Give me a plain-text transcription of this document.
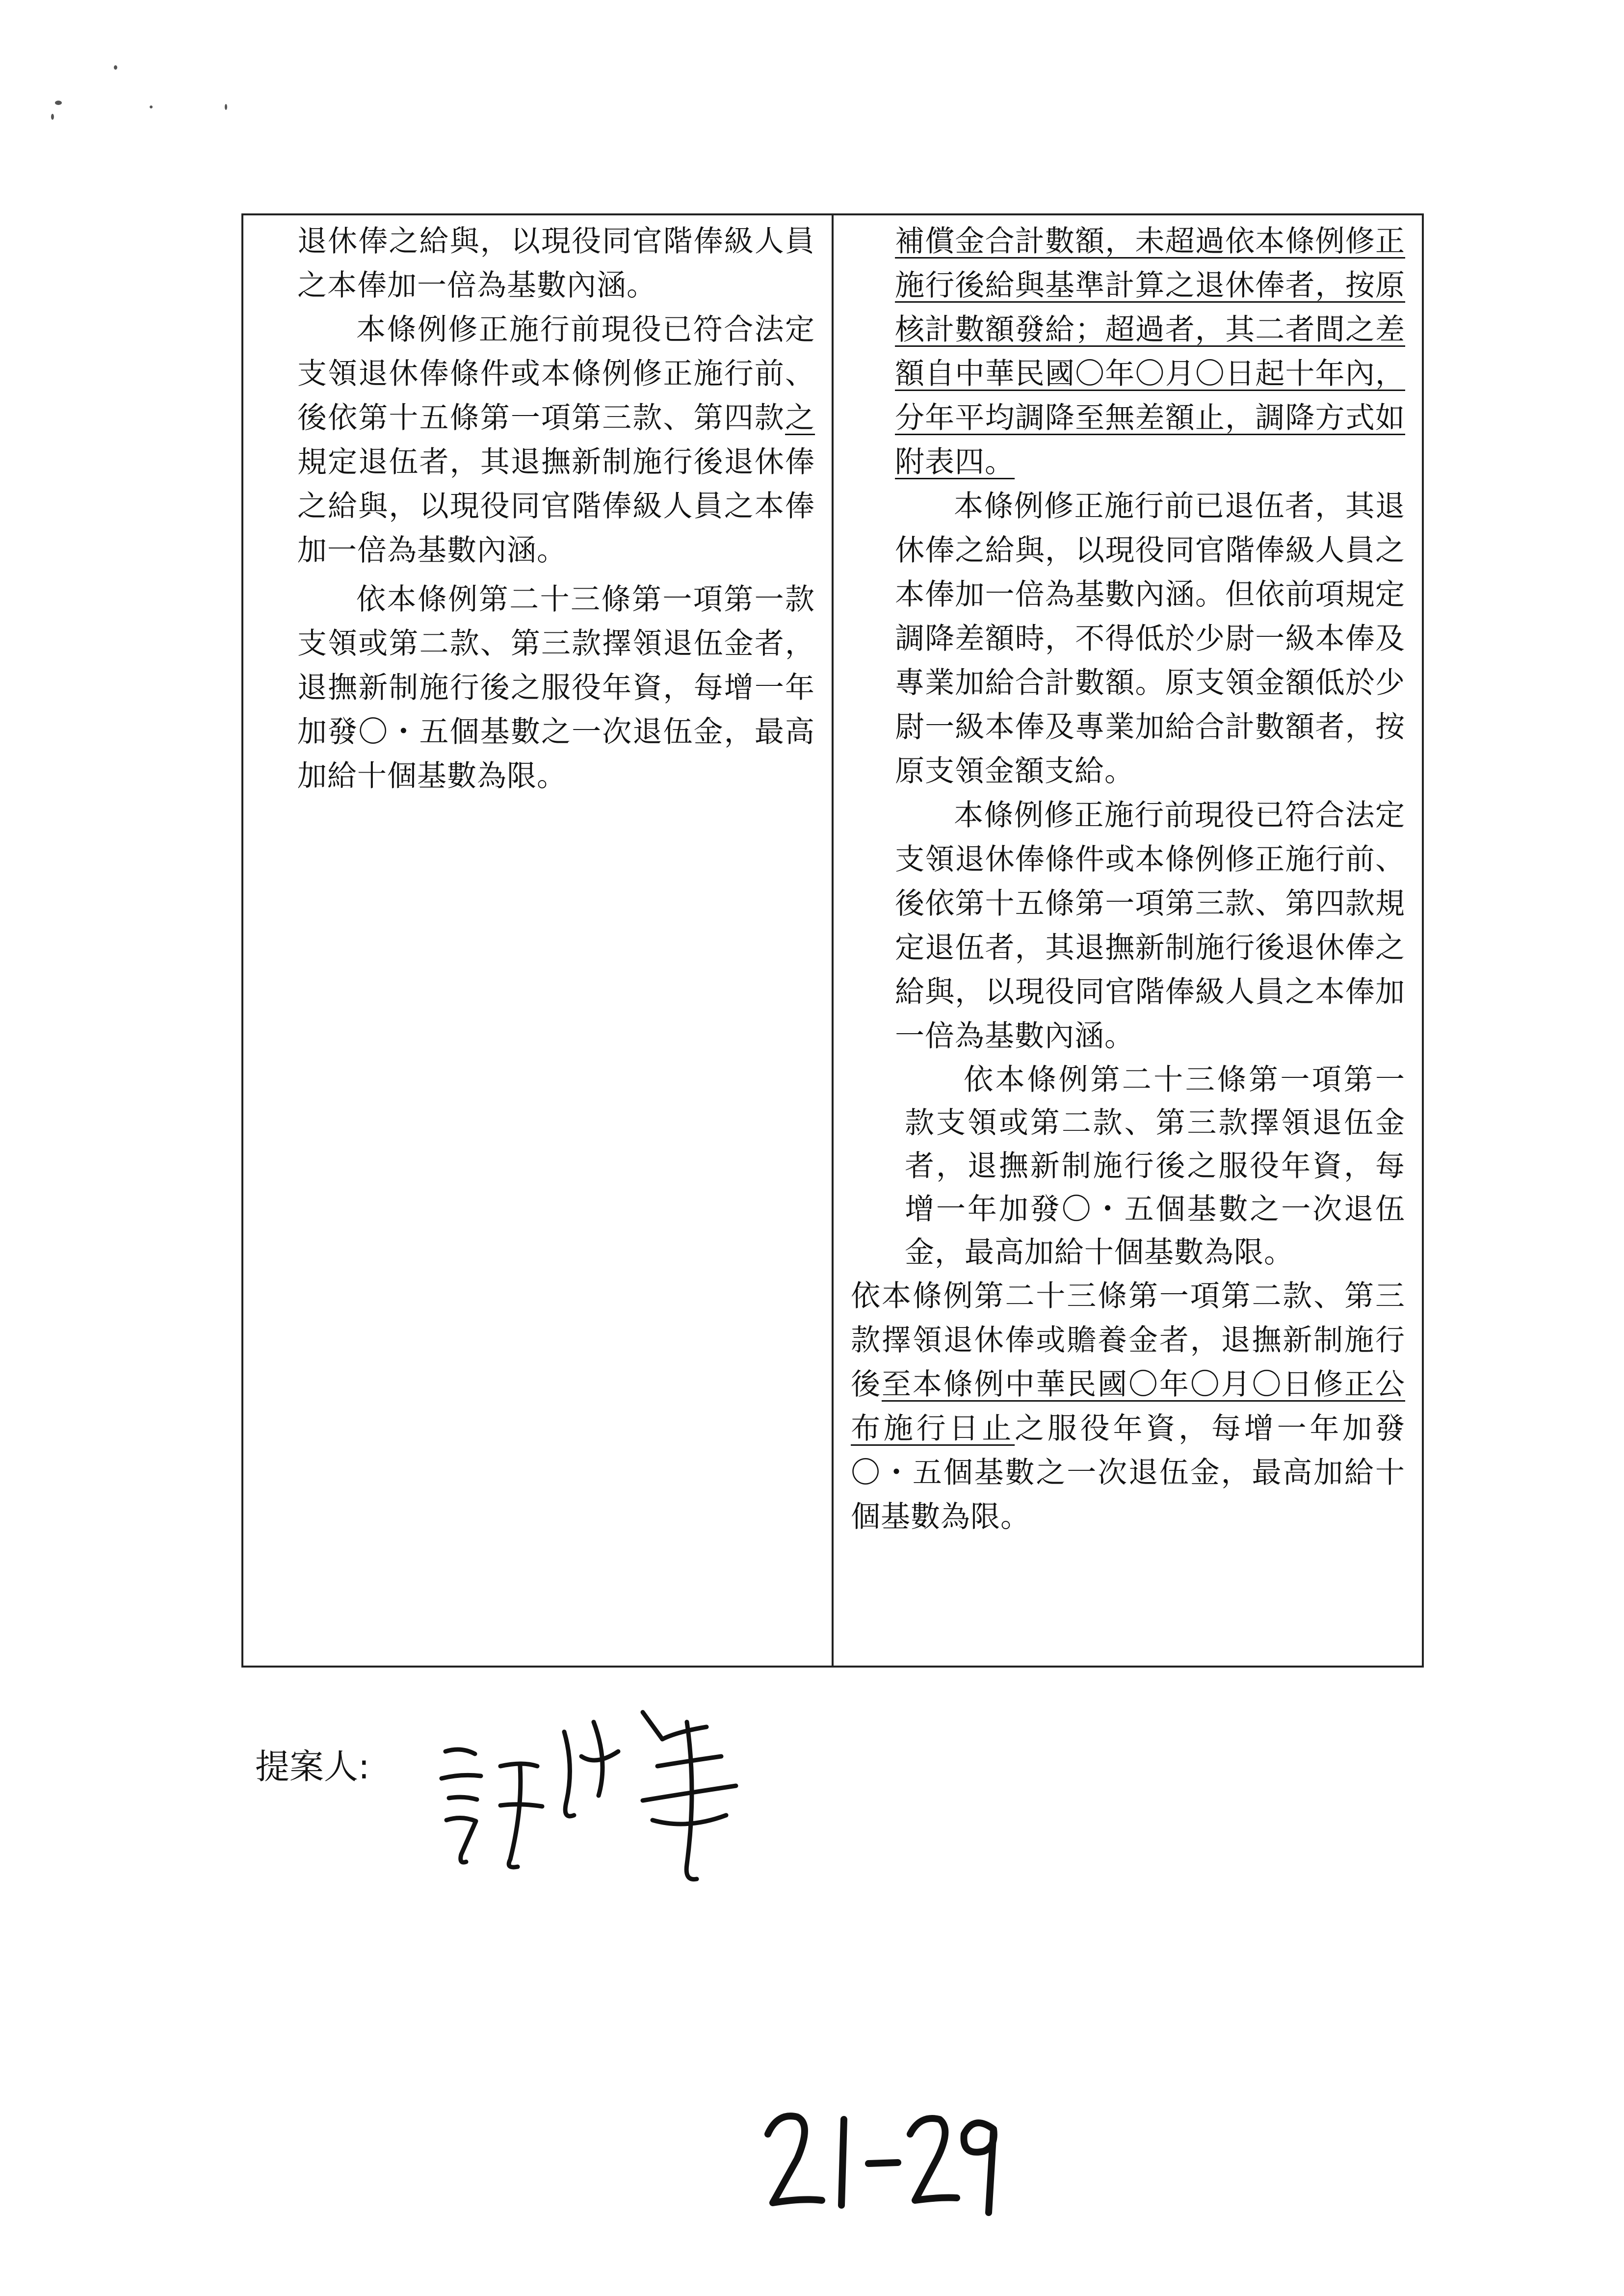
退休俸之給與，以現役同官階俸級人員之本俸加一倍為基數內涵。

本條例修正施行前現役已符合法定支領退休俸條件或本條例修正施行前、後依第十五條第一項第三款、第四款之規定退伍者，其退撫新制施行後退休俸之給與，以現役同官階俸級人員之本俸加一倍為基數內涵。

依本條例第二十三條第一項第一款支領或第二款、第三款擇領退伍金者，退撫新制施行後之服役年資，每增一年加發〇・五個基數之一次退伍金，最高加給十個基數為限。

補償金合計數額，未超過依本條例修正施行後給與基準計算之退休俸者，按原核計數額發給；超過者，其二者間之差額自中華民國〇年〇月〇日起十年內，分年平均調降至無差額止，調降方式如附表四。

本條例修正施行前已退伍者，其退休俸之給與，以現役同官階俸級人員之本俸加一倍為基數內涵。但依前項規定調降差額時，不得低於少尉一級本俸及專業加給合計數額。原支領金額低於少尉一級本俸及專業加給合計數額者，按原支領金額支給。

本條例修正施行前現役已符合法定支領退休俸條件或本條例修正施行前、後依第十五條第一項第三款、第四款規定退伍者，其退撫新制施行後退休俸之給與，以現役同官階俸級人員之本俸加一倍為基數內涵。

依本條例第二十三條第一項第一款支領或第二款、第三款擇領退伍金者，退撫新制施行後之服役年資，每增一年加發〇・五個基數之一次退伍金，最高加給十個基數為限。

依本條例第二十三條第一項第二款、第三款擇領退休俸或贍養金者，退撫新制施行後至本條例中華民國〇年〇月〇日修正公布施行日止之服役年資，每增一年加發〇・五個基數之一次退伍金，最高加給十個基數為限。

提案人:
